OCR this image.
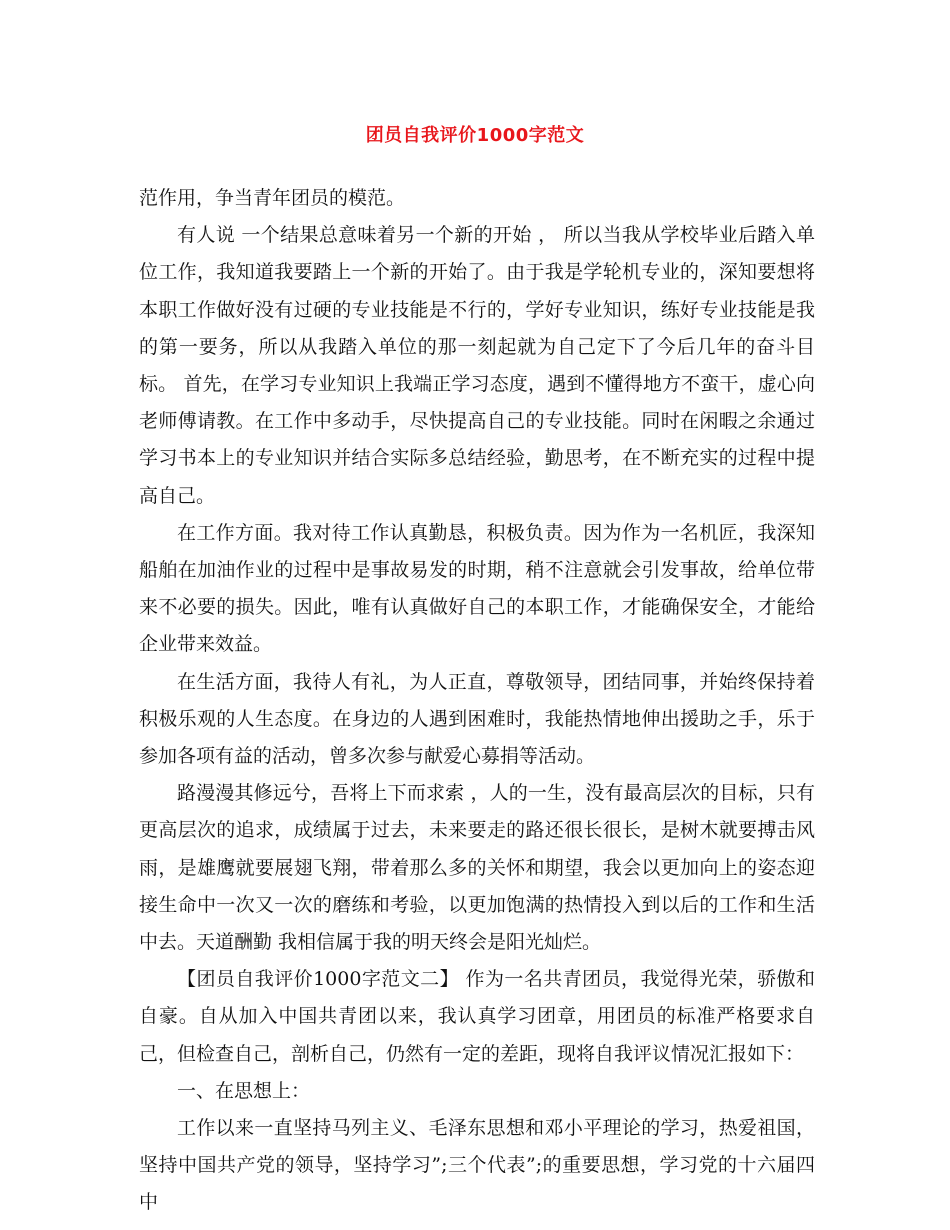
团员自我评价1000字范文

范作用，争当青年团员的模范。

有人说 一个结果总意味着另一个新的开始 ， 所以当我从学校毕业后踏入单位工作，我知道我要踏上一个新的开始了。由于我是学轮机专业的，深知要想将本职工作做好没有过硬的专业技能是不行的，学好专业知识，练好专业技能是我的第一要务，所以从我踏入单位的那一刻起就为自己定下了今后几年的奋斗目标。 首先，在学习专业知识上我端正学习态度，遇到不懂得地方不蛮干，虚心向老师傅请教。在工作中多动手，尽快提高自己的专业技能。同时在闲暇之余通过学习书本上的专业知识并结合实际多总结经验，勤思考，在不断充实的过程中提高自己。

在工作方面。我对待工作认真勤恳，积极负责。因为作为一名机匠，我深知船舶在加油作业的过程中是事故易发的时期，稍不注意就会引发事故，给单位带来不必要的损失。因此，唯有认真做好自己的本职工作，才能确保安全，才能给企业带来效益。

在生活方面，我待人有礼，为人正直，尊敬领导，团结同事，并始终保持着积极乐观的人生态度。在身边的人遇到困难时，我能热情地伸出援助之手，乐于参加各项有益的活动，曾多次参与献爱心募捐等活动。

路漫漫其修远兮，吾将上下而求索 ，人的一生，没有最高层次的目标，只有更高层次的追求，成绩属于过去，未来要走的路还很长很长，是树木就要搏击风雨，是雄鹰就要展翅飞翔，带着那么多的关怀和期望，我会以更加向上的姿态迎接生命中一次又一次的磨练和考验，以更加饱满的热情投入到以后的工作和生活中去。天道酬勤 我相信属于我的明天终会是阳光灿烂。

【团员自我评价1000字范文二】 作为一名共青团员，我觉得光荣，骄傲和自豪。自从加入中国共青团以来，我认真学习团章，用团员的标准严格要求自己，但检查自己，剖析自己，仍然有一定的差距，现将自我评议情况汇报如下：

一、在思想上：

工作以来一直坚持马列主义、毛泽东思想和邓小平理论的学习，热爱祖国，坚持中国共产党的领导，坚持学习”;三个代表”;的重要思想，学习党的十六届四中
